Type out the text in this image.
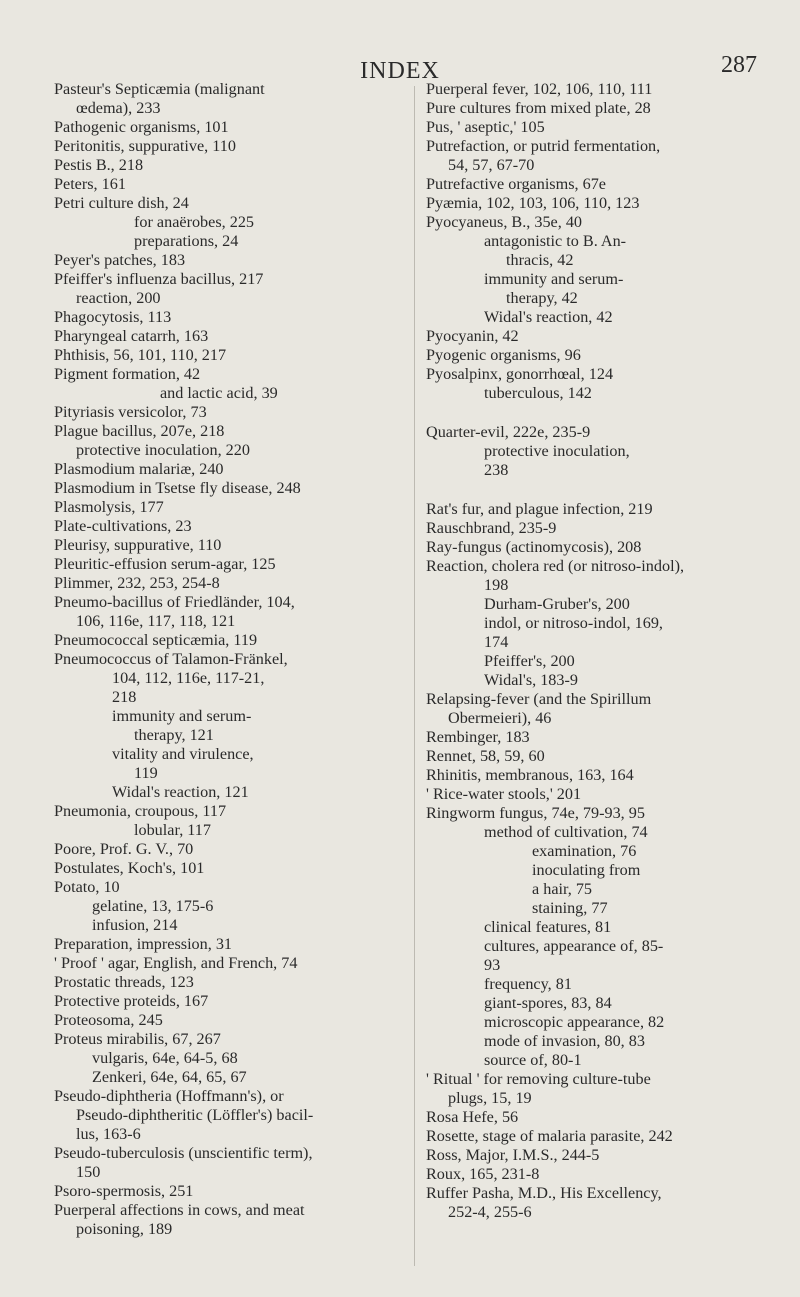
INDEX	287
Pasteur's Septicæmia (malignant
œdema), 233
Pathogenic organisms, 101
Peritonitis, suppurative, 110
Pestis B., 218
Peters, 161
Petri culture dish, 24
for anaërobes, 225
preparations, 24
Peyer's patches, 183
Pfeiffer's influenza bacillus, 217
reaction, 200
Phagocytosis, 113
Pharyngeal catarrh, 163
Phthisis, 56, 101, 110, 217
Pigment formation, 42
and lactic acid, 39
Pityriasis versicolor, 73
Plague bacillus, 207e, 218
protective inoculation, 220
Plasmodium malariæ, 240
Plasmodium in Tsetse fly disease, 248
Plasmolysis, 177
Plate-cultivations, 23
Pleurisy, suppurative, 110
Pleuritic-effusion serum-agar, 125
Plimmer, 232, 253, 254-8
Pneumo-bacillus of Friedländer, 104,
106, 116e, 117, 118, 121
Pneumococcal septicæmia, 119
Pneumococcus of Talamon-Fränkel,
104, 112, 116e, 117-21,
218
immunity and serum-
therapy, 121
vitality and virulence,
119
Widal's reaction, 121
Pneumonia, croupous, 117
lobular, 117
Poore, Prof. G. V., 70
Postulates, Koch's, 101
Potato, 10
gelatine, 13, 175-6
infusion, 214
Preparation, impression, 31
' Proof ' agar, English, and French, 74
Prostatic threads, 123
Protective proteids, 167
Proteosoma, 245
Proteus mirabilis, 67, 267
vulgaris, 64e, 64-5, 68
Zenkeri, 64e, 64, 65, 67
Pseudo-diphtheria (Hoffmann's), or
Pseudo-diphtheritic (Löffler's) bacil-
lus, 163-6
Pseudo-tuberculosis (unscientific term),
150
Psoro-spermosis, 251
Puerperal affections in cows, and meat
poisoning, 189
Puerperal fever, 102, 106, 110, 111
Pure cultures from mixed plate, 28
Pus, ' aseptic,' 105
Putrefaction, or putrid fermentation,
54, 57, 67-70
Putrefactive organisms, 67e
Pyæmia, 102, 103, 106, 110, 123
Pyocyaneus, B., 35e, 40
antagonistic to B. An-
thracis, 42
immunity and serum-
therapy, 42
Widal's reaction, 42
Pyocyanin, 42
Pyogenic organisms, 96
Pyosalpinx, gonorrhœal, 124
tuberculous, 142
Quarter-evil, 222e, 235-9
protective inoculation,
238
Rat's fur, and plague infection, 219
Rauschbrand, 235-9
Ray-fungus (actinomycosis), 208
Reaction, cholera red (or nitroso-indol),
198
Durham-Gruber's, 200
indol, or nitroso-indol, 169,
174
Pfeiffer's, 200
Widal's, 183-9
Relapsing-fever (and the Spirillum
Obermeieri), 46
Rembinger, 183
Rennet, 58, 59, 60
Rhinitis, membranous, 163, 164
' Rice-water stools,' 201
Ringworm fungus, 74e, 79-93, 95
method of cultivation, 74
examination, 76
inoculating from
a hair, 75
staining, 77
clinical features, 81
cultures, appearance of, 85-
93
frequency, 81
giant-spores, 83, 84
microscopic appearance, 82
mode of invasion, 80, 83
source of, 80-1
' Ritual ' for removing culture-tube
plugs, 15, 19
Rosa Hefe, 56
Rosette, stage of malaria parasite, 242
Ross, Major, I.M.S., 244-5
Roux, 165, 231-8
Ruffer Pasha, M.D., His Excellency,
252-4, 255-6
